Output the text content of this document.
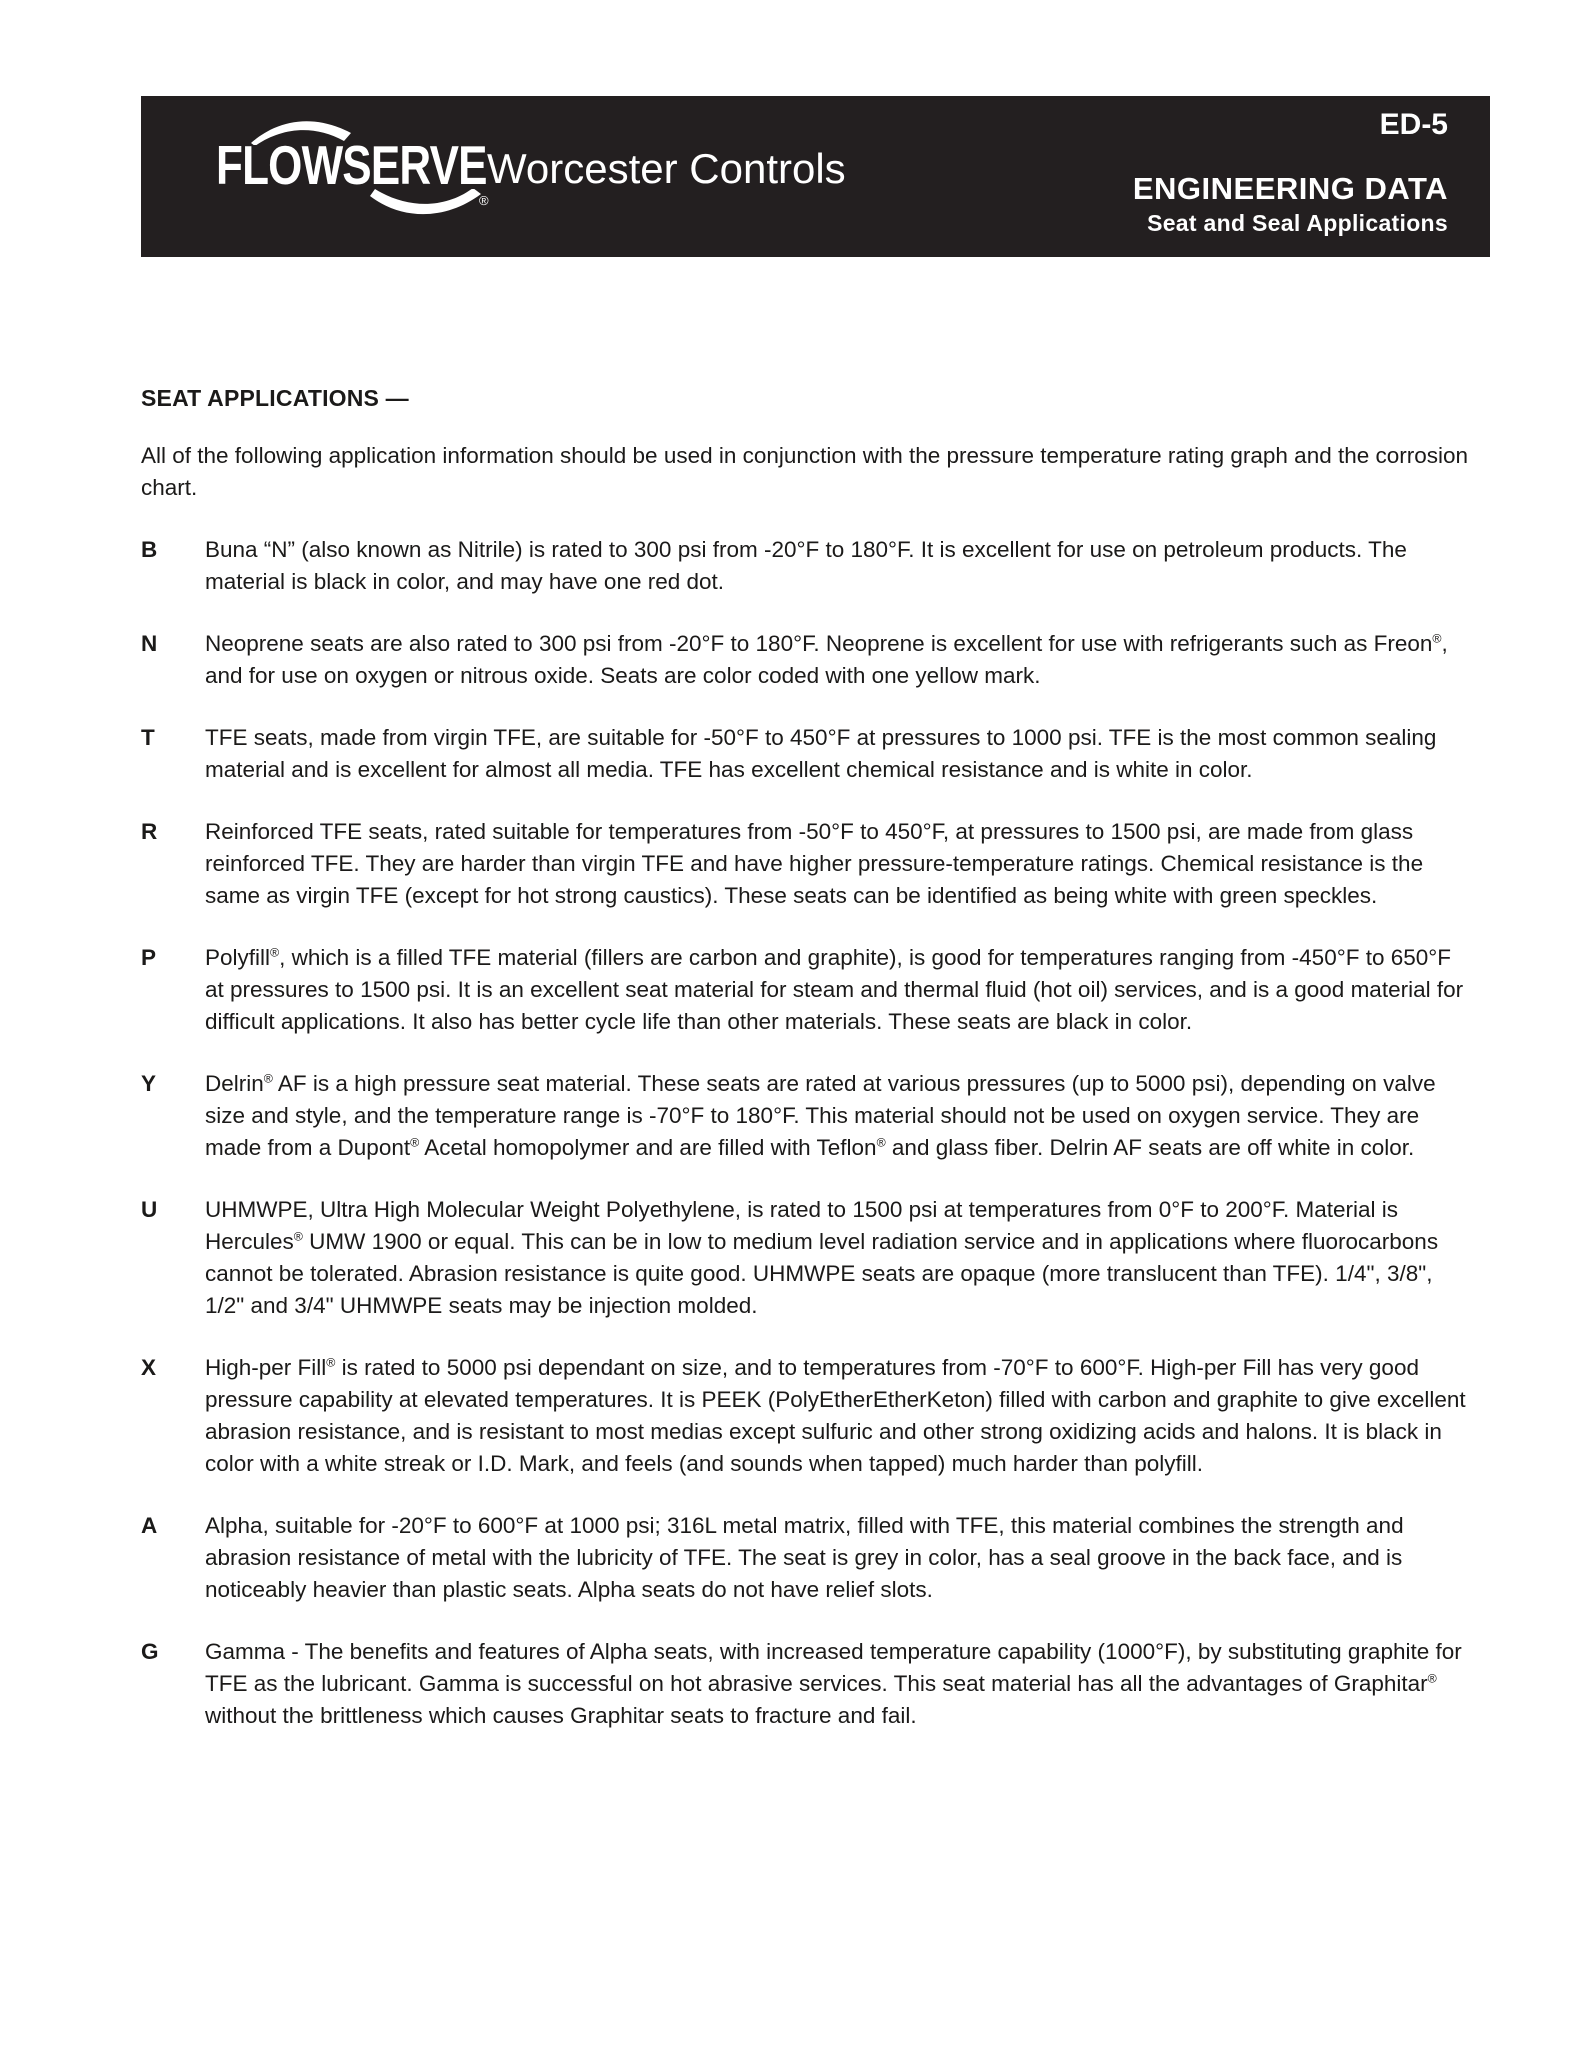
FLOWSERVE
®
Worcester Controls
ED-5
ENGINEERING DATA
Seat and Seal Applications
SEAT APPLICATIONS —

All of the following application information should be used in conjunction with the pressure temperature rating graph and the corrosion chart.

B	Buna “N” (also known as Nitrile) is rated to 300 psi from -20°F to 180°F. It is excellent for use on petroleum products. The material is black in color, and may have one red dot.
N	Neoprene seats are also rated to 300 psi from -20°F to 180°F. Neoprene is excellent for use with refrigerants such as Freon®, and for use on oxygen or nitrous oxide. Seats are color coded with one yellow mark.
T	TFE seats, made from virgin TFE, are suitable for -50°F to 450°F at pressures to 1000 psi. TFE is the most common sealing material and is excellent for almost all media. TFE has excellent chemical resistance and is white in color.
R	Reinforced TFE seats, rated suitable for temperatures from -50°F to 450°F, at pressures to 1500 psi, are made from glass reinforced TFE. They are harder than virgin TFE and have higher pressure-temperature ratings. Chemical resistance is the same as virgin TFE (except for hot strong caustics). These seats can be identified as being white with green speckles.
P	Polyfill®, which is a filled TFE material (fillers are carbon and graphite), is good for temperatures ranging from -450°F to 650°F at pressures to 1500 psi. It is an excellent seat material for steam and thermal fluid (hot oil) services, and is a good material for difficult applications. It also has better cycle life than other materials. These seats are black in color.
Y	Delrin® AF is a high pressure seat material. These seats are rated at various pressures (up to 5000 psi), depending on valve size and style, and the temperature range is -70°F to 180°F. This material should not be used on oxygen service. They are made from a Dupont® Acetal homopolymer and are filled with Teflon® and glass fiber. Delrin AF seats are off white in color.
U	UHMWPE, Ultra High Molecular Weight Polyethylene, is rated to 1500 psi at temperatures from 0°F to 200°F. Material is Hercules® UMW 1900 or equal. This can be in low to medium level radiation service and in applications where fluorocarbons cannot be tolerated. Abrasion resistance is quite good. UHMWPE seats are opaque (more translucent than TFE). 1/4", 3/8", 1/2" and 3/4" UHMWPE seats may be injection molded.
X	High-per Fill® is rated to 5000 psi dependant on size, and to temperatures from -70°F to 600°F. High-per Fill has very good pressure capability at elevated temperatures. It is PEEK (PolyEtherEtherKeton) filled with carbon and graphite to give excellent abrasion resistance, and is resistant to most medias except sulfuric and other strong oxidizing acids and halons. It is black in color with a white streak or I.D. Mark, and feels (and sounds when tapped) much harder than polyfill.
A	Alpha, suitable for -20°F to 600°F at 1000 psi; 316L metal matrix, filled with TFE, this material combines the strength and abrasion resistance of metal with the lubricity of TFE. The seat is grey in color, has a seal groove in the back face, and is noticeably heavier than plastic seats. Alpha seats do not have relief slots.
G	Gamma - The benefits and features of Alpha seats, with increased temperature capability (1000°F), by substituting graphite for TFE as the lubricant. Gamma is successful on hot abrasive services. This seat material has all the advantages of Graphitar® without the brittleness which causes Graphitar seats to fracture and fail.
